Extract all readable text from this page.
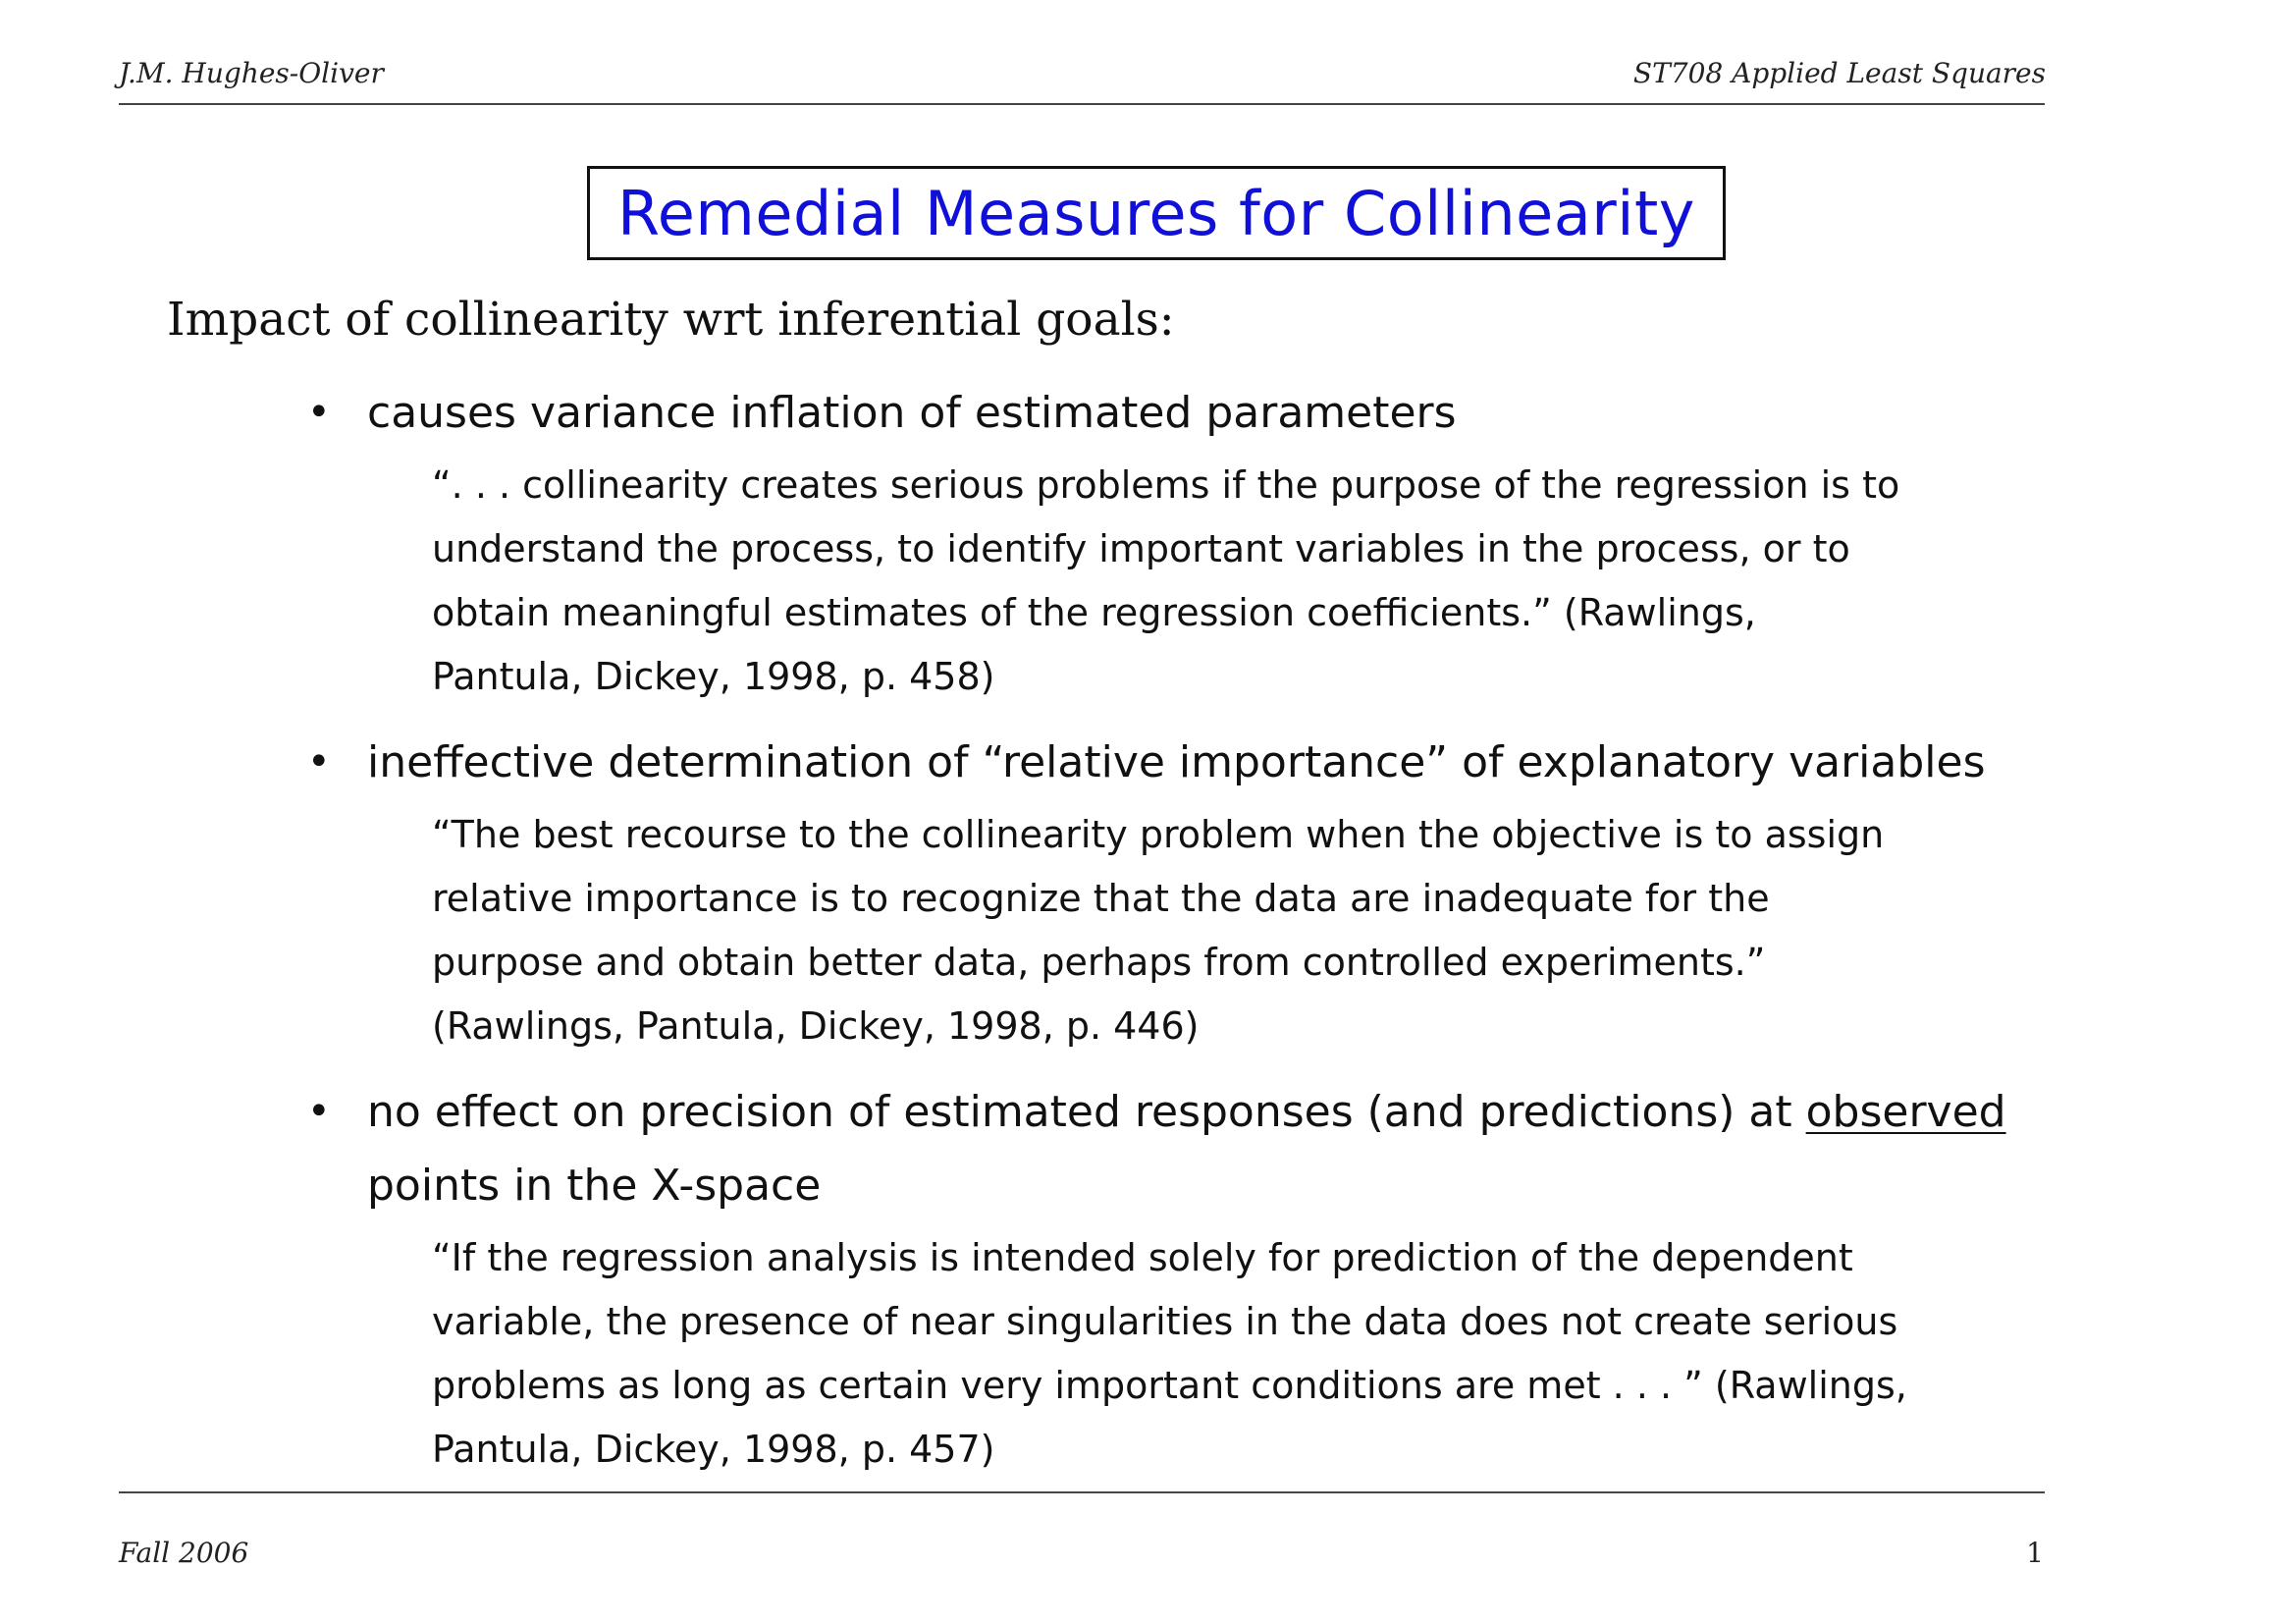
J.M. Hughes-Oliver	ST708 Applied Least Squares
Remedial Measures for Collinearity
Impact of collinearity wrt inferential goals:
• causes variance inflation of estimated parameters
“. . . collinearity creates serious problems if the purpose of the regression is to
understand the process, to identify important variables in the process, or to
obtain meaningful estimates of the regression coefficients.” (Rawlings,
Pantula, Dickey, 1998, p. 458)
• ineffective determination of “relative importance” of explanatory variables
“The best recourse to the collinearity problem when the objective is to assign
relative importance is to recognize that the data are inadequate for the
purpose and obtain better data, perhaps from controlled experiments.”
(Rawlings, Pantula, Dickey, 1998, p. 446)
• no effect on precision of estimated responses (and predictions) at observed
points in the X-space
“If the regression analysis is intended solely for prediction of the dependent
variable, the presence of near singularities in the data does not create serious
problems as long as certain very important conditions are met . . . ” (Rawlings,
Pantula, Dickey, 1998, p. 457)
Fall 2006	1
